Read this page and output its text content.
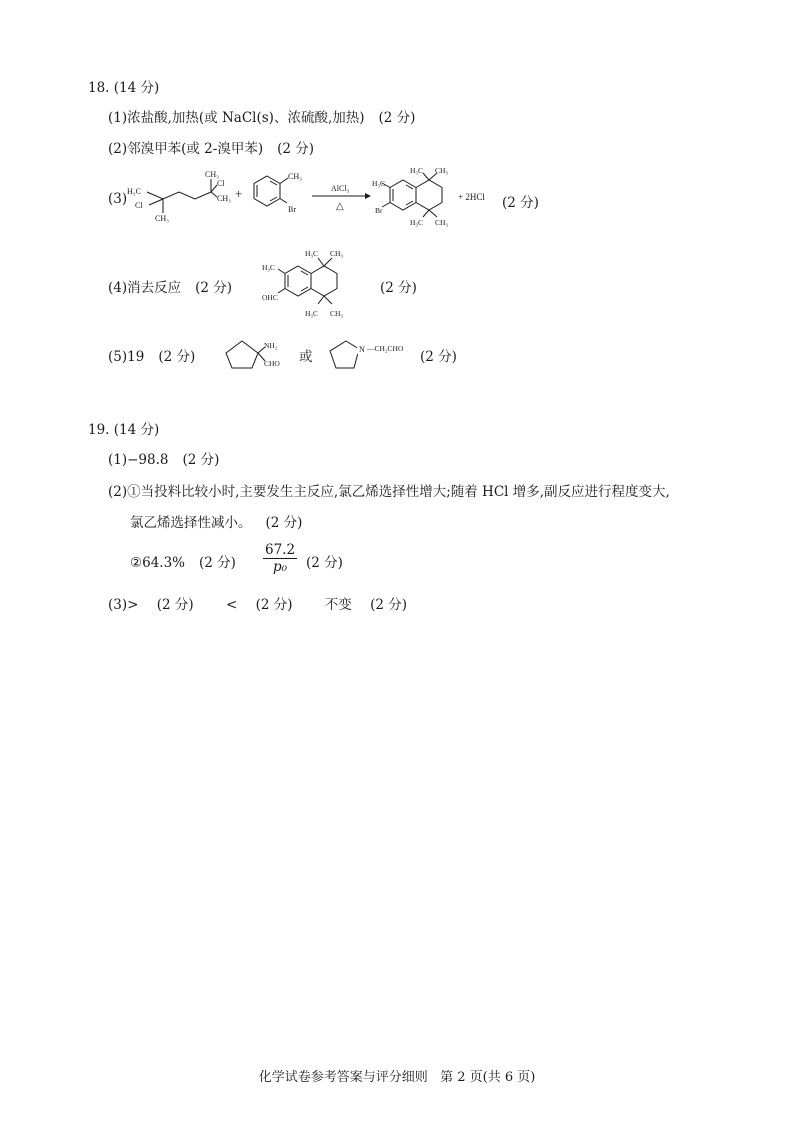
18. (14 分)
(1)浓盐酸,加热(或 NaCl(s)、浓硫酸,加热) (2 分)
(2)邻溴甲苯(或 2-溴甲苯) (2 分)
(3) H₃C
Cl
CH₃
CH₃
Cl
CH₃ +
CH₃
Br
AlCl₃
△
H₃C CH₃
H₃C
Br
H₃C CH₃
+ 2HCl (2 分)
(4)消去反应 (2 分)
H₃C CH₃
H₃C
OHC
H₃C CH₃
(2 分)
(5)19 (2 分)
NH₂
CHO 或	N —CH₂CHO
(2 分)
19. (14 分)
(1)−98.8 (2 分)
(2)①当投料比较小时,主要发生主反应,氯乙烯选择性增大;随着 HCl 增多,副反应进行程度变大,
氯乙烯选择性减小。 (2 分)
②64.3% (2 分) $\frac{67.2}{\text{p₀}} (2$ 分)
(3)> (2 分) < (2 分) 不变 (2 分)
化学试卷参考答案与评分细则   第 2 页(共 6 页)
